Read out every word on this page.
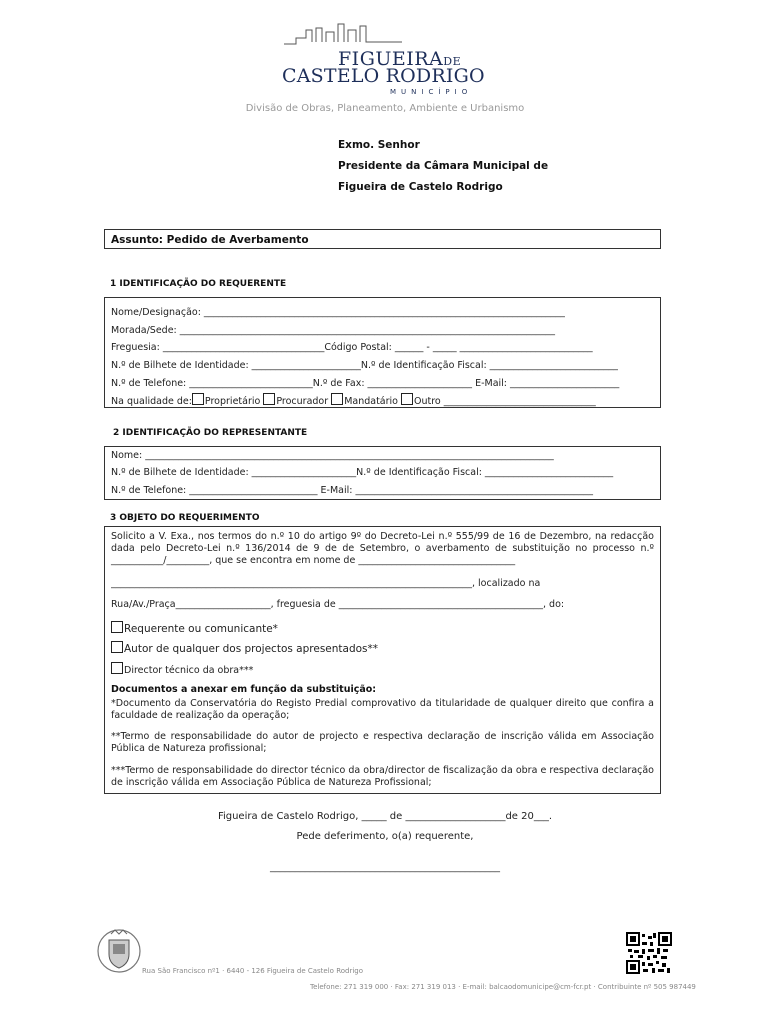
FIGUEIRADE
CASTELO RODRIGO
MUNICÍPIO
Divisão de Obras, Planeamento, Ambiente e Urbanismo
Exmo. Senhor
Presidente da Câmara Municipal de
Figueira de Castelo Rodrigo
Assunto: Pedido de Averbamento
1 IDENTIFICAÇÃO DO REQUERENTE
Nome/Designação: ____________________________________________________________________________
Morada/Sede: _______________________________________________________________________________
Freguesia: __________________________________Código Postal: ______ - _____ ____________________________
N.º de Bilhete de Identidade: _______________________N.º de Identificação Fiscal: ___________________________
N.º de Telefone: __________________________N.º de Fax: ______________________ E-Mail: _______________________
Na qualidade de: Proprietário Procurador Mandatário Outro ________________________________
2 IDENTIFICAÇÃO DO REPRESENTANTE
Nome: ______________________________________________________________________________________
N.º de Bilhete de Identidade: ______________________N.º de Identificação Fiscal: ___________________________
N.º de Telefone: ___________________________ E-Mail: __________________________________________________
3 OBJETO DO REQUERIMENTO
Solicito a V. Exa., nos termos do n.º 10 do artigo 9º do Decreto-Lei n.º 555/99 de 16 de Dezembro, na redacção dada pelo Decreto-Lei n.º 136/2014 de 9 de de Setembro, o averbamento de substituição no processo n.º ___________/_________, que se encontra em nome de _________________________________
____________________________________________________________________________, localizado na
Rua/Av./Praça____________________, freguesia de ___________________________________________, do:
Requerente ou comunicante*
Autor de qualquer dos projectos apresentados**
Director técnico da obra***
Documentos a anexar em função da substituição:
*Documento da Conservatória do Registo Predial comprovativo da titularidade de qualquer direito que confira a faculdade de realização da operação;
**Termo de responsabilidade do autor de projecto e respectiva declaração de inscrição válida em Associação Pública de Natureza profissional;
***Termo de responsabilidade do director técnico da obra/director de fiscalização da obra e respectiva declaração de inscrição válida em Associação Pública de Natureza Profissional;
Figueira de Castelo Rodrigo, _____ de ____________________de 20___.
Pede deferimento, o(a) requerente,
______________________________________________
Rua São Francisco nº1 · 6440 - 126 Figueira de Castelo Rodrigo
Telefone: 271 319 000 · Fax: 271 319 013 · E-mail: balcaodomunicipe@cm-fcr.pt · Contribuinte nº 505 987449
